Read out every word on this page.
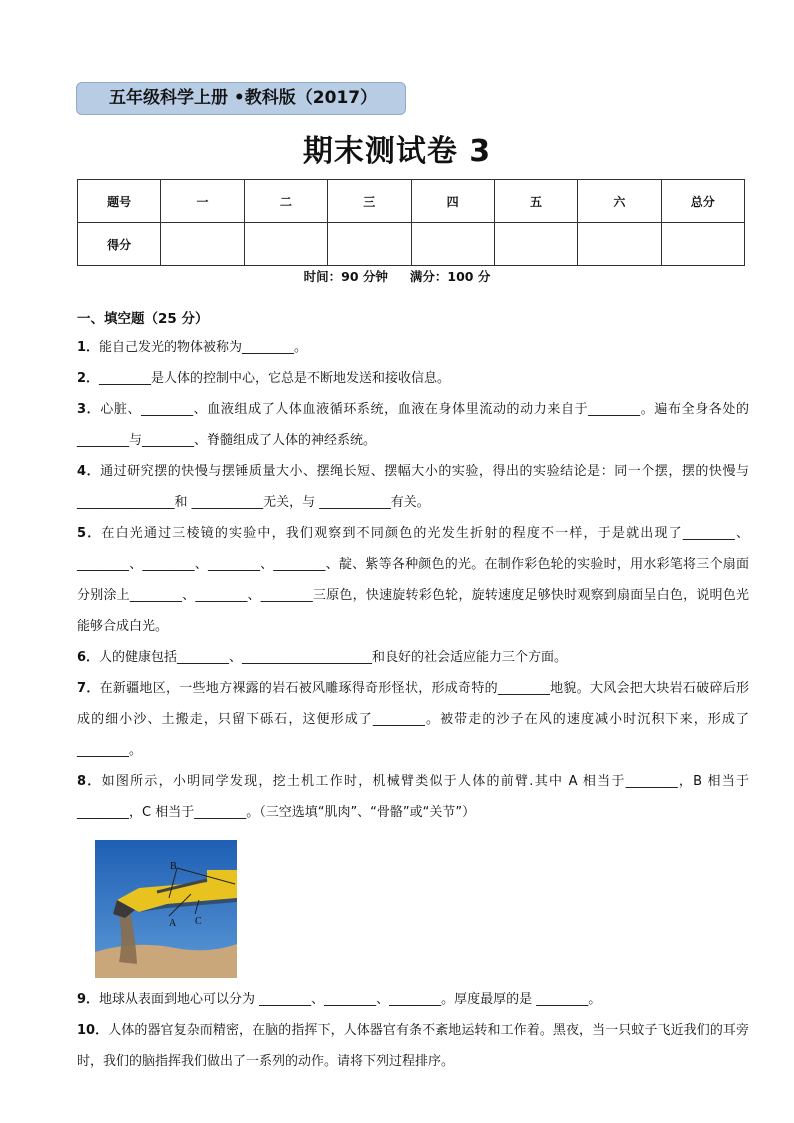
五年级科学上册 •教科版（2017）
期末测试卷 3
题号	一	二	三	四	五	六	总分
得分							
时间：90 分钟 满分：100 分
一、填空题（25 分）
1．能自己发光的物体被称为________。
2．________是人体的控制中心，它总是不断地发送和接收信息。
3．心脏、________、血液组成了人体血液循环系统，血液在身体里流动的动力来自于________。遍布全身各处的________与________、脊髓组成了人体的神经系统。
4．通过研究摆的快慢与摆锤质量大小、摆绳长短、摆幅大小的实验，得出的实验结论是：同一个摆，摆的快慢与 _______________和 ___________无关，与 ___________有关。
5．在白光通过三棱镜的实验中，我们观察到不同颜色的光发生折射的程度不一样，于是就出现了________、________、________、________、________、靛、紫等各种颜色的光。在制作彩色轮的实验时，用水彩笔将三个扇面分别涂上________、________、________三原色，快速旋转彩色轮，旋转速度足够快时观察到扇面呈白色，说明色光能够合成白光。
6．人的健康包括________、____________________和良好的社会适应能力三个方面。
7．在新疆地区，一些地方裸露的岩石被风雕琢得奇形怪状，形成奇特的________地貌。大风会把大块岩石破碎后形成的细小沙、土搬走，只留下砾石，这便形成了________。被带走的沙子在风的速度减小时沉积下来，形成了________。
8．如图所示，小明同学发现，挖土机工作时，机械臂类似于人体的前臂.其中 A 相当于________，B 相当于________，C 相当于________。（三空选填“肌肉”、“骨骼”或“关节”）
B
A C
9．地球从表面到地心可以分为 ________、________、________。厚度最厚的是 ________。
10．人体的器官复杂而精密，在脑的指挥下，人体器官有条不紊地运转和工作着。黑夜，当一只蚊子飞近我们的耳旁时，我们的脑指挥我们做出了一系列的动作。请将下列过程排序。
